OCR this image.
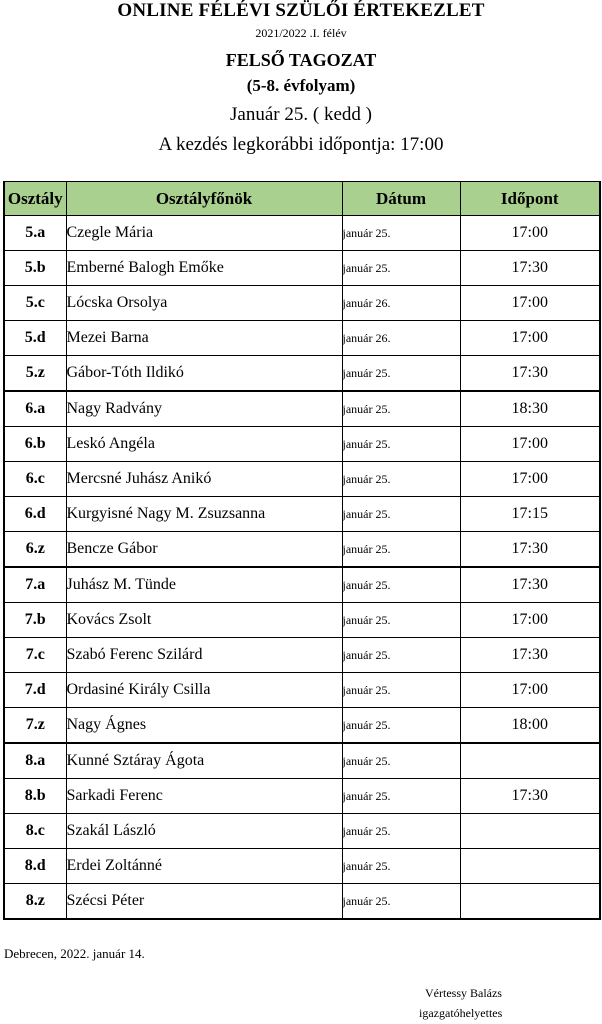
ONLINE FÉLÉVI SZÜLŐI ÉRTEKEZLET
2021/2022 .I. félév
FELSŐ TAGOZAT
(5-8. évfolyam)
Január 25. ( kedd )
A kezdés legkorábbi időpontja: 17:00
Osztály	Osztályfőnök	Dátum	Időpont
5.a	Czegle Mária	január 25.	17:00
5.b	Emberné Balogh Emőke	január 25.	17:30
5.c	Lócska Orsolya	január 26.	17:00
5.d	Mezei Barna	január 26.	17:00
5.z	Gábor-Tóth Ildikó	január 25.	17:30
6.a	Nagy Radvány	január 25.	18:30
6.b	Leskó Angéla	január 25.	17:00
6.c	Mercsné Juhász Anikó	január 25.	17:00
6.d	Kurgyisné Nagy M. Zsuzsanna	január 25.	17:15
6.z	Bencze Gábor	január 25.	17:30
7.a	Juhász M. Tünde	január 25.	17:30
7.b	Kovács Zsolt	január 25.	17:00
7.c	Szabó Ferenc Szilárd	január 25.	17:30
7.d	Ordasiné Király Csilla	január 25.	17:00
7.z	Nagy Ágnes	január 25.	18:00
8.a	Kunné Sztáray Ágota	január 25.	
8.b	Sarkadi Ferenc	január 25.	17:30
8.c	Szakál László	január 25.	
8.d	Erdei Zoltánné	január 25.	
8.z	Szécsi Péter	január 25.	
Debrecen, 2022. január 14.
Vértessy Balázs
igazgatóhelyettes
